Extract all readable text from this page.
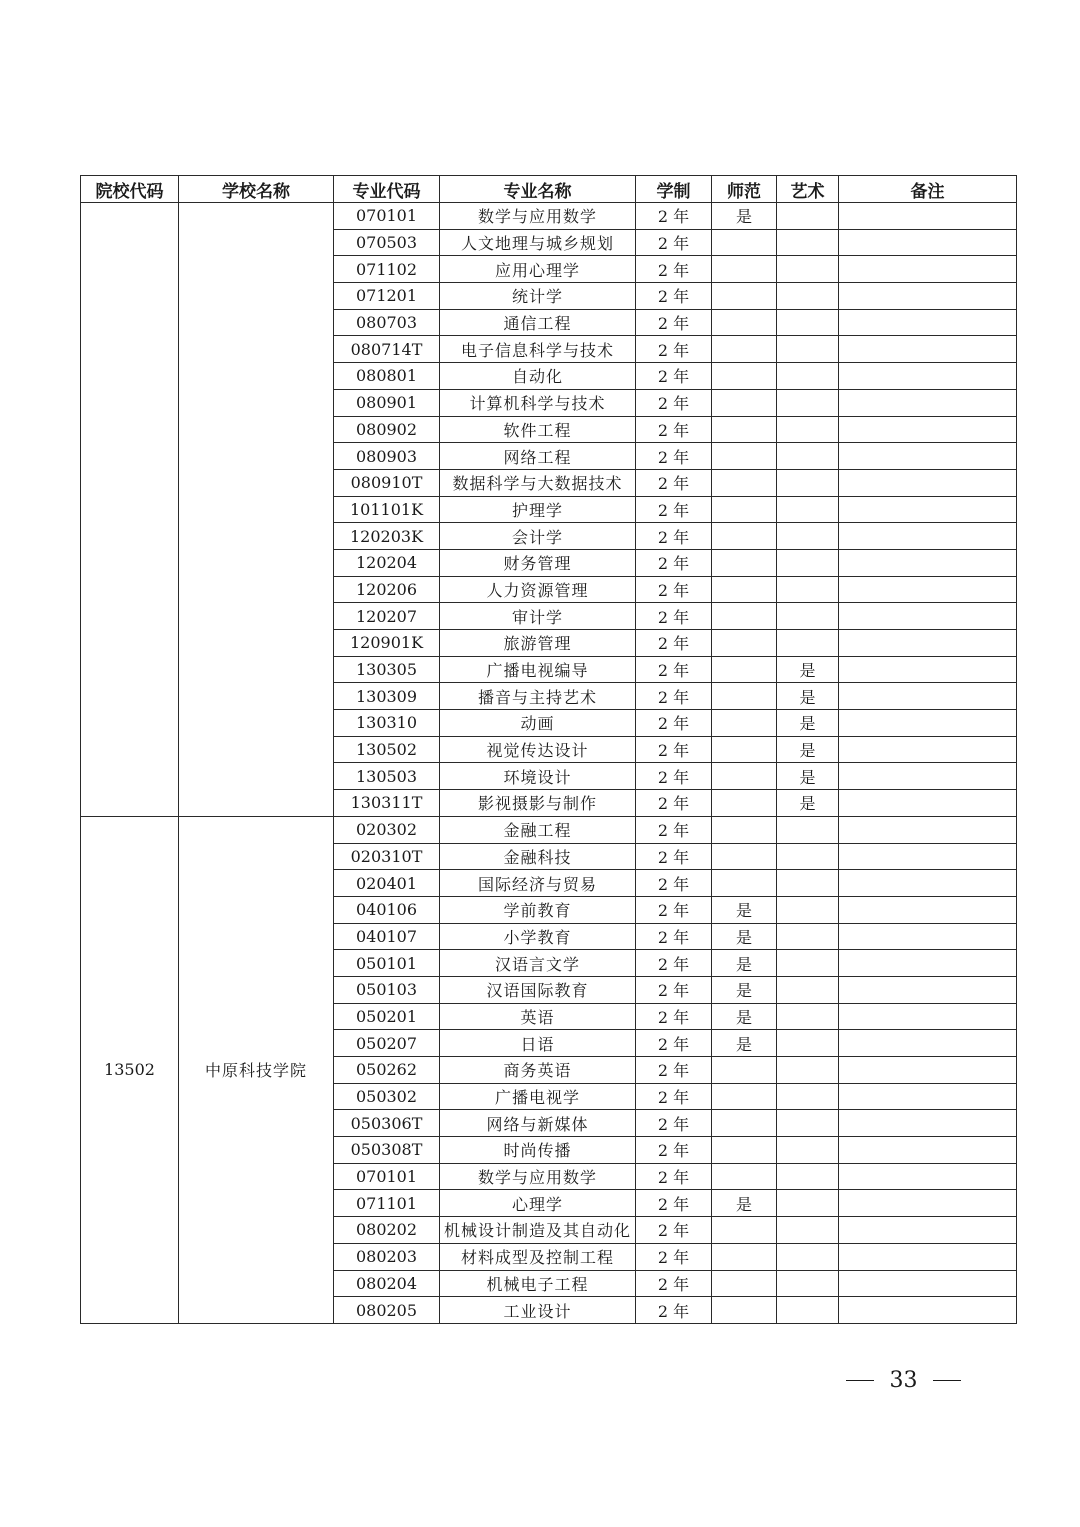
院校代码	学校名称	专业代码	专业名称	学制	师范	艺术	备注
		070101	数学与应用数学	2 年	是		
		070503	人文地理与城乡规划	2 年			
		071102	应用心理学	2 年			
		071201	统计学	2 年			
		080703	通信工程	2 年			
		080714T	电子信息科学与技术	2 年			
		080801	自动化	2 年			
		080901	计算机科学与技术	2 年			
		080902	软件工程	2 年			
		080903	网络工程	2 年			
		080910T	数据科学与大数据技术	2 年			
		101101K	护理学	2 年			
		120203K	会计学	2 年			
		120204	财务管理	2 年			
		120206	人力资源管理	2 年			
		120207	审计学	2 年			
		120901K	旅游管理	2 年			
		130305	广播电视编导	2 年		是	
		130309	播音与主持艺术	2 年		是	
		130310	动画	2 年		是	
		130502	视觉传达设计	2 年		是	
		130503	环境设计	2 年		是	
		130311T	影视摄影与制作	2 年		是	
13502	中原科技学院	020302	金融工程	2 年			
		020310T	金融科技	2 年			
		020401	国际经济与贸易	2 年			
		040106	学前教育	2 年	是		
		040107	小学教育	2 年	是		
		050101	汉语言文学	2 年	是		
		050103	汉语国际教育	2 年	是		
		050201	英语	2 年	是		
		050207	日语	2 年	是		
		050262	商务英语	2 年			
		050302	广播电视学	2 年			
		050306T	网络与新媒体	2 年			
		050308T	时尚传播	2 年			
		070101	数学与应用数学	2 年			
		071101	心理学	2 年	是		
		080202	机械设计制造及其自动化	2 年			
		080203	材料成型及控制工程	2 年			
		080204	机械电子工程	2 年			
		080205	工业设计	2 年			
33
